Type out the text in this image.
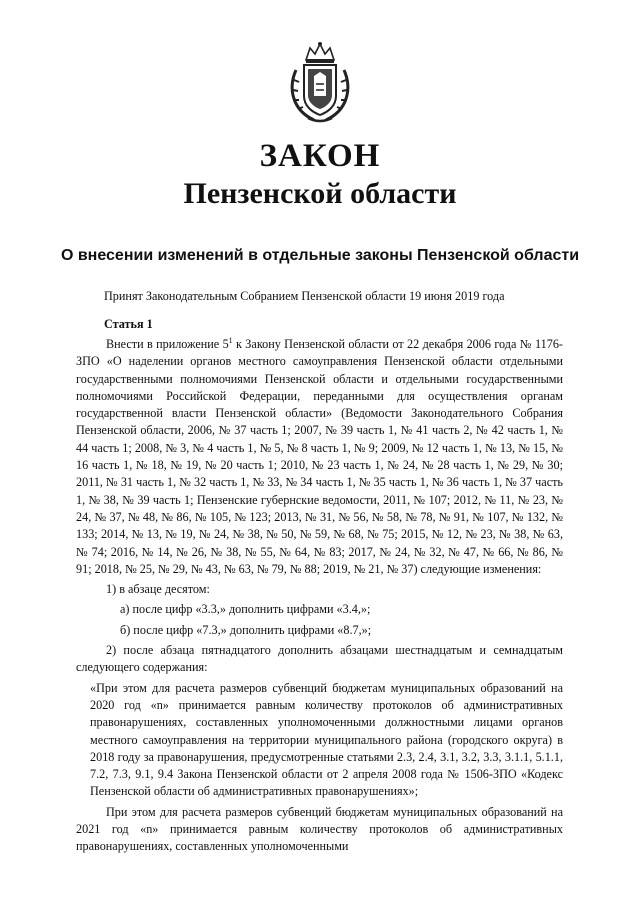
ЗАКОН
Пензенской области
О внесении изменений в отдельные законы Пензенской области
Принят Законодательным Собранием Пензенской области 19 июня 2019 года
Статья 1

Внести в приложение $5^1$ к Закону Пензенской области от 22 декабря 2006 года № 1176-ЗПО «О наделении органов местного самоуправления Пензенской области отдельными государственными полномочиями Пензенской области и отдельными государственными полномочиями Российской Федерации, переданными для осуществления органам государственной власти Пензенской области» (Ведомости Законодательного Собрания Пензенской области, 2006, № 37 часть 1; 2007, № 39 часть 1, № 41 часть 2, № 42 часть 1, № 44 часть 1; 2008, № 3, № 4 часть 1, № 5, № 8 часть 1, № 9; 2009, № 12 часть 1, № 13, № 15, № 16 часть 1, № 18, № 19, № 20 часть 1; 2010, № 23 часть 1, № 24, № 28 часть 1, № 29, № 30; 2011, № 31 часть 1, № 32 часть 1, № 33, № 34 часть 1, № 35 часть 1, № 36 часть 1, № 37 часть 1, № 38, № 39 часть 1; Пензенские губернские ведомости, 2011, № 107; 2012, № 11, № 23, № 24, № 37, № 48, № 86, № 105, № 123; 2013, № 31, № 56, № 58, № 78, № 91, № 107, № 132, № 133; 2014, № 13, № 19, № 24, № 38, № 50, № 59, № 68, № 75; 2015, № 12, № 23, № 38, № 63, № 74; 2016, № 14, № 26, № 38, № 55, № 64, № 83; 2017, № 24, № 32, № 47, № 66, № 86, № 91; 2018, № 25, № 29, № 43, № 63, № 79, № 88; 2019, № 21, № 37) следующие изменения:

1) в абзаце десятом:

а) после цифр «3.3,» дополнить цифрами «3.4,»;

б) после цифр «7.3,» дополнить цифрами «8.7,»;

2) после абзаца пятнадцатого дополнить абзацами шестнадцатым и семнадцатым следующего содержания:

«При этом для расчета размеров субвенций бюджетам муниципальных образований на 2020 год «n» принимается равным количеству протоколов об административных правонарушениях, составленных уполномоченными должностными лицами органов местного самоуправления на территории муниципального района (городского округа) в 2018 году за правонарушения, предусмотренные статьями 2.3, 2.4, 3.1, 3.2, 3.3, 3.1.1, 5.1.1, 7.2, 7.3, 9.1, 9.4 Закона Пензенской области от 2 апреля 2008 года № 1506-ЗПО «Кодекс Пензенской области об административных правонарушениях»;

При этом для расчета размеров субвенций бюджетам муниципальных образований на 2021 год «n» принимается равным количеству протоколов об административных правонарушениях, составленных уполномоченными
